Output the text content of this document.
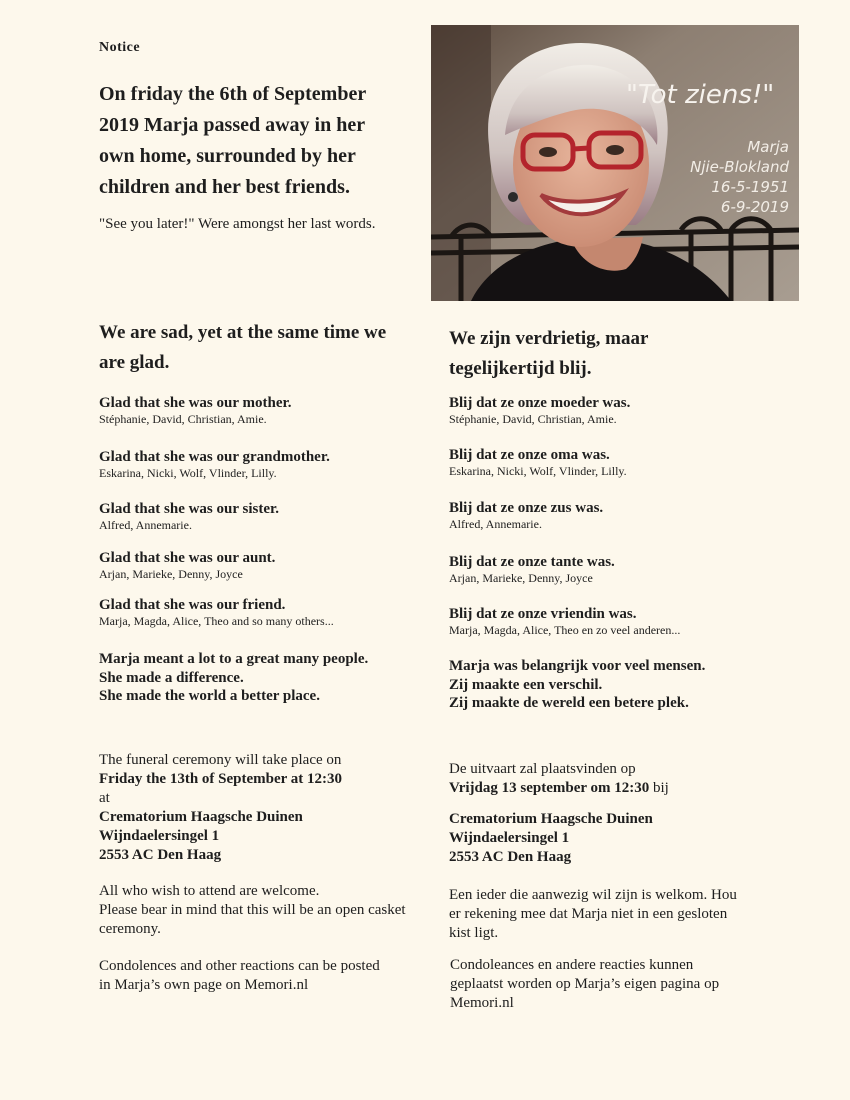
Notice
On friday the 6th of September 2019 Marja passed away in her own home, surrounded by her children and her best friends.
"See you later!" Were amongst her last words.
"Tot ziens!"
Marja
Njie-Blokland
16-5-1951
6-9-2019
We are sad, yet at the same time we are glad.

Glad that she was our mother.

Stéphanie, David, Christian, Amie.

Glad that she was our grandmother.

Eskarina, Nicki, Wolf, Vlinder, Lilly.

Glad that she was our sister.

Alfred, Annemarie.

Glad that she was our aunt.

Arjan, Marieke, Denny, Joyce

Glad that she was our friend.

Marja, Magda, Alice, Theo and so many others...

Marja meant a lot to a great many people.
She made a difference.
She made the world a better place.
The funeral ceremony will take place on
Friday the 13th of September at 12:30
at
Crematorium Haagsche Duinen
Wijndaelersingel 1
2553 AC Den Haag
All who wish to attend are welcome.
Please bear in mind that this will be an open casket ceremony.
Condolences and other reactions can be posted in Marja’s own page on Memori.nl
We zijn verdrietig, maar tegelijkertijd blij.

Blij dat ze onze moeder was.

Stéphanie, David, Christian, Amie.

Blij dat ze onze oma was.

Eskarina, Nicki, Wolf, Vlinder, Lilly.

Blij dat ze onze zus was.

Alfred, Annemarie.

Blij dat ze onze tante was.

Arjan, Marieke, Denny, Joyce

Blij dat ze onze vriendin was.

Marja, Magda, Alice, Theo en zo veel anderen...

Marja was belangrijk voor veel mensen.
Zij maakte een verschil.
Zij maakte de wereld een betere plek.
De uitvaart zal plaatsvinden op
Vrijdag 13 september om 12:30 bij
Crematorium Haagsche Duinen
Wijndaelersingel 1
2553 AC Den Haag
Een ieder die aanwezig wil zijn is welkom. Hou er rekening mee dat Marja niet in een gesloten kist ligt.
Condoleances en andere reacties kunnen geplaatst worden op Marja’s eigen pagina op Memori.nl
